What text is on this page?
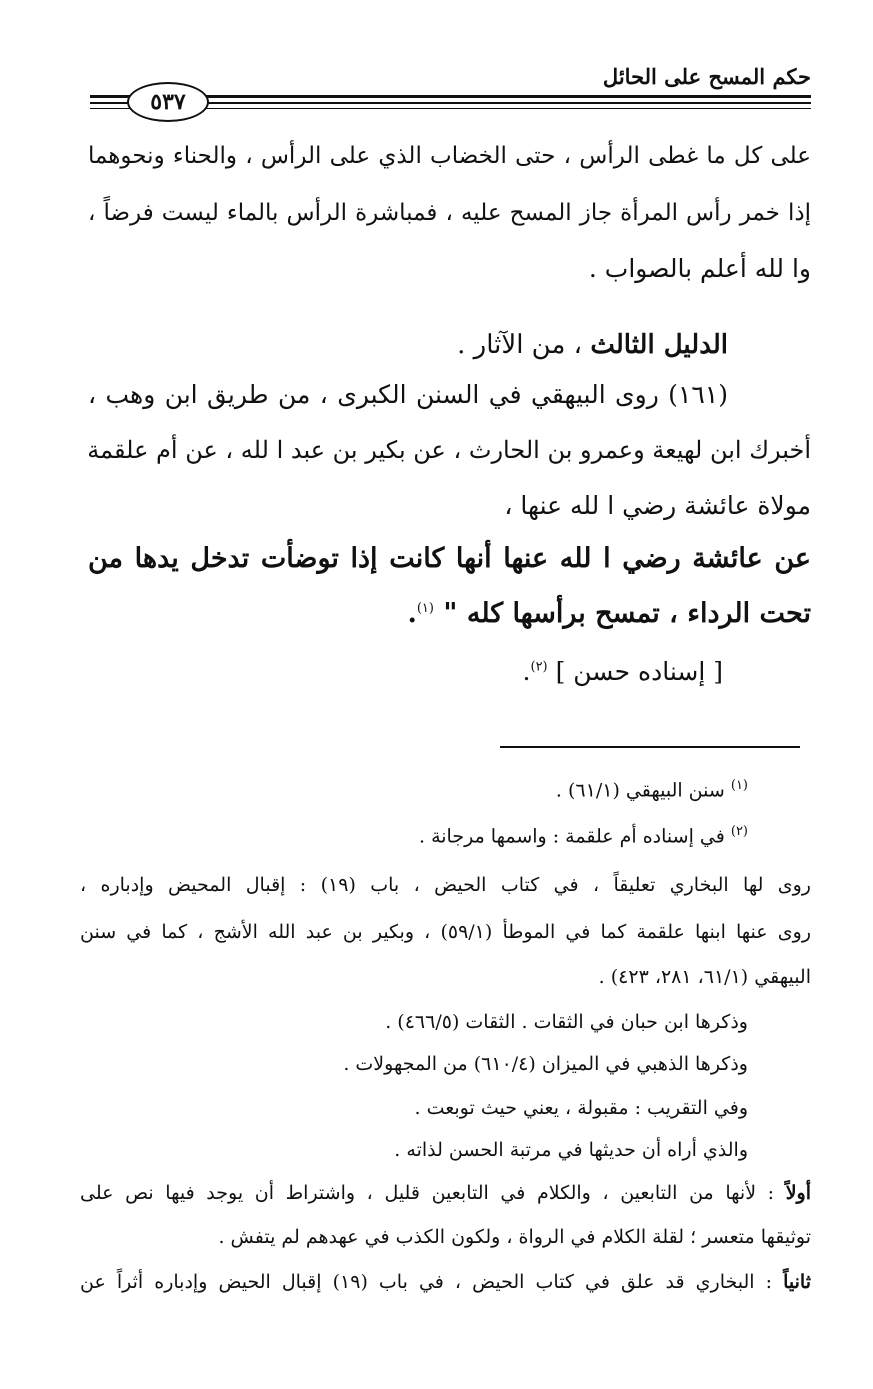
حكم المسح على الحائل
٥٣٧
على كل ما غطى الرأس ، حتى الخضاب الذي على الرأس ، والحناء ونحوهما
إذا خمر رأس المرأة جاز المسح عليه ، فمباشرة الرأس بالماء ليست فرضاً ،
وا لله أعلم بالصواب .
الدليل الثالث ، من الآثار .
(١٦١) روى البيهقي في السنن الكبرى ، من طريق ابن وهب ،
أخبرك ابن لهيعة وعمرو بن الحارث ، عن بكير بن عبد ا لله ، عن أم علقمة
مولاة عائشة رضي ا لله عنها ،
عن عائشة رضي ا لله عنها أنها كانت إذا توضأت تدخل يدها من
تحت الرداء ، تمسح برأسها كله " $^{(١)}$.
[ إسناده حسن ] $^{(٢)}$.
$^{(١)}$ سنن البيهقي (٦١/١) .
$^{(٢)}$ في إسناده أم علقمة : واسمها مرجانة .
روى لها البخاري تعليقاً ، في كتاب الحيض ، باب (١٩) : إقبال المحيض وإدباره ،
روى عنها ابنها علقمة كما في الموطأ (٥٩/١) ، وبكير بن عبد الله الأشج ، كما في سنن
البيهقي (٦١/١، ٢٨١، ٤٢٣) .
وذكرها ابن حبان في الثقات . الثقات (٤٦٦/٥) .
وذكرها الذهبي في الميزان (٦١٠/٤) من المجهولات .
وفي التقريب : مقبولة ، يعني حيث توبعت .
والذي أراه أن حديثها في مرتبة الحسن لذاته .
أولاً : لأنها من التابعين ، والكلام في التابعين قليل ، واشتراط أن يوجد فيها نص على
توثيقها متعسر ؛ لقلة الكلام في الرواة ، ولكون الكذب في عهدهم لم يتفش .
ثانياً : البخاري قد علق في كتاب الحيض ، في باب (١٩) إقبال الحيض وإدباره أثراً عن
